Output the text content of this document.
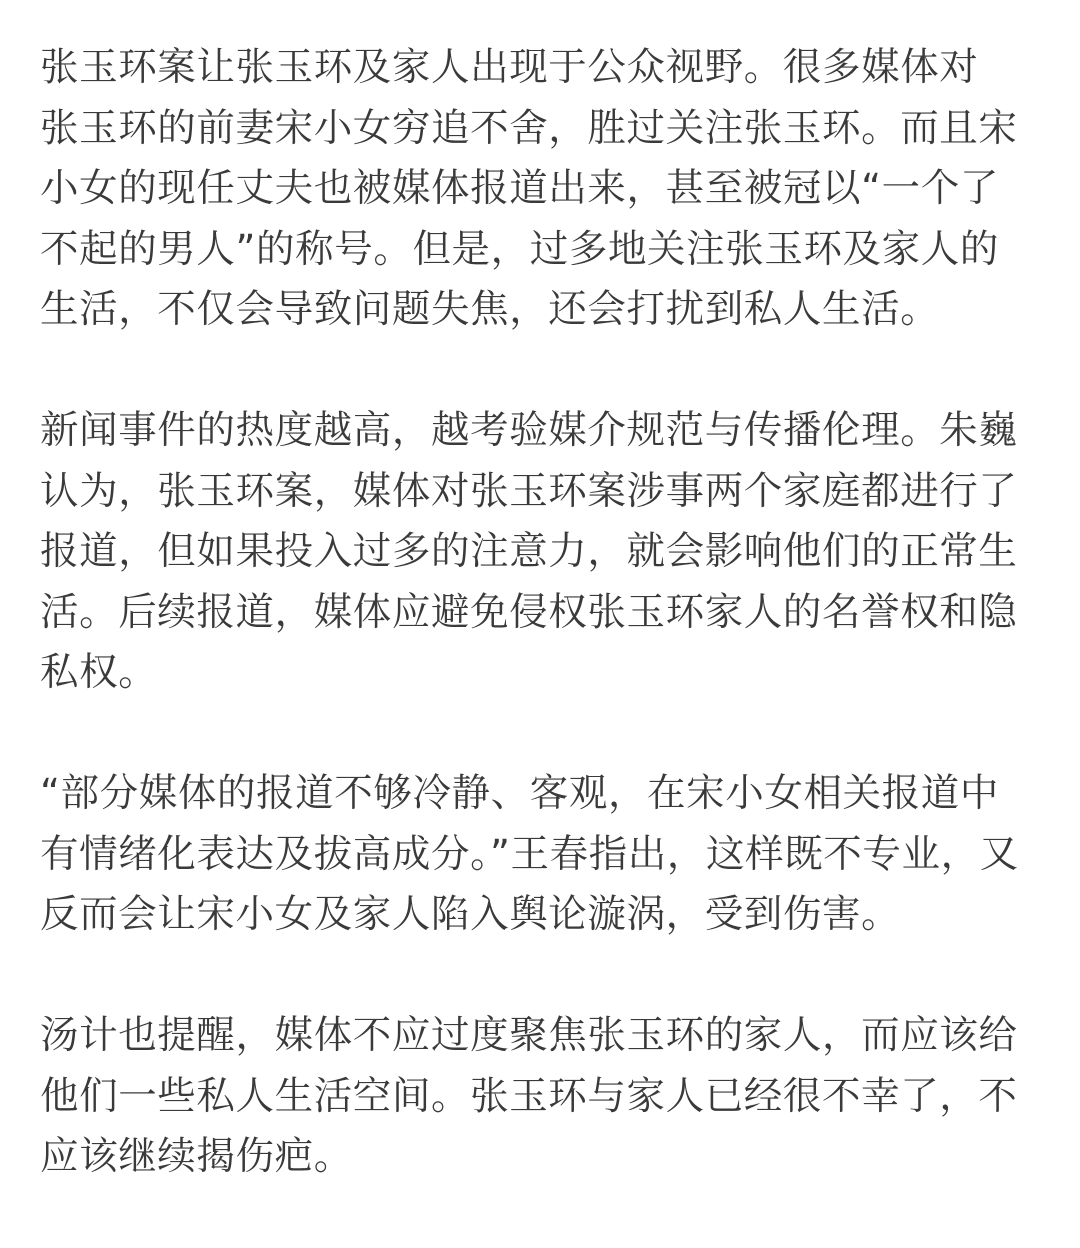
张玉环案让张玉环及家人出现于公众视野。很多媒体对
张玉环的前妻宋小女穷追不舍，胜过关注张玉环。而且宋
小女的现任丈夫也被媒体报道出来，甚至被冠以“一个了
不起的男人”的称号。但是，过多地关注张玉环及家人的
生活，不仅会导致问题失焦，还会打扰到私人生活。

新闻事件的热度越高，越考验媒介规范与传播伦理。朱巍
认为，张玉环案，媒体对张玉环案涉事两个家庭都进行了
报道，但如果投入过多的注意力，就会影响他们的正常生
活。后续报道，媒体应避免侵权张玉环家人的名誉权和隐
私权。

“部分媒体的报道不够冷静、客观，在宋小女相关报道中
有情绪化表达及拔高成分。”王春指出，这样既不专业，又
反而会让宋小女及家人陷入舆论漩涡，受到伤害。

汤计也提醒，媒体不应过度聚焦张玉环的家人，而应该给
他们一些私人生活空间。张玉环与家人已经很不幸了，不
应该继续揭伤疤。
